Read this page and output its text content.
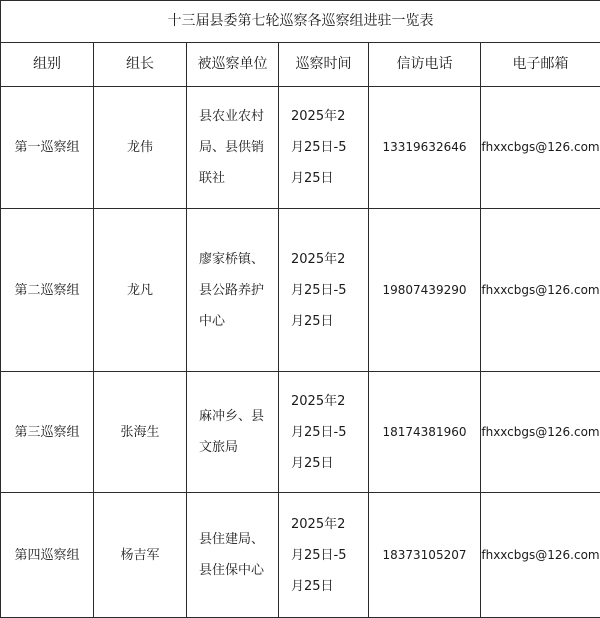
十三届县委第七轮巡察各巡察组进驻一览表					
组别	组长	被巡察单位	巡察时间	信访电话	电子邮箱
第一巡察组	龙伟	县农业农村局、县供销联社	2025年2月25日-5月25日	13319632646	fhxxcbgs@126.com
第二巡察组	龙凡	廖家桥镇、县公路养护中心	2025年2月25日-5月25日	19807439290	fhxxcbgs@126.com
第三巡察组	张海生	麻冲乡、县文旅局	2025年2月25日-5月25日	18174381960	fhxxcbgs@126.com
第四巡察组	杨吉军	县住建局、县住保中心	2025年2月25日-5月25日	18373105207	fhxxcbgs@126.com
